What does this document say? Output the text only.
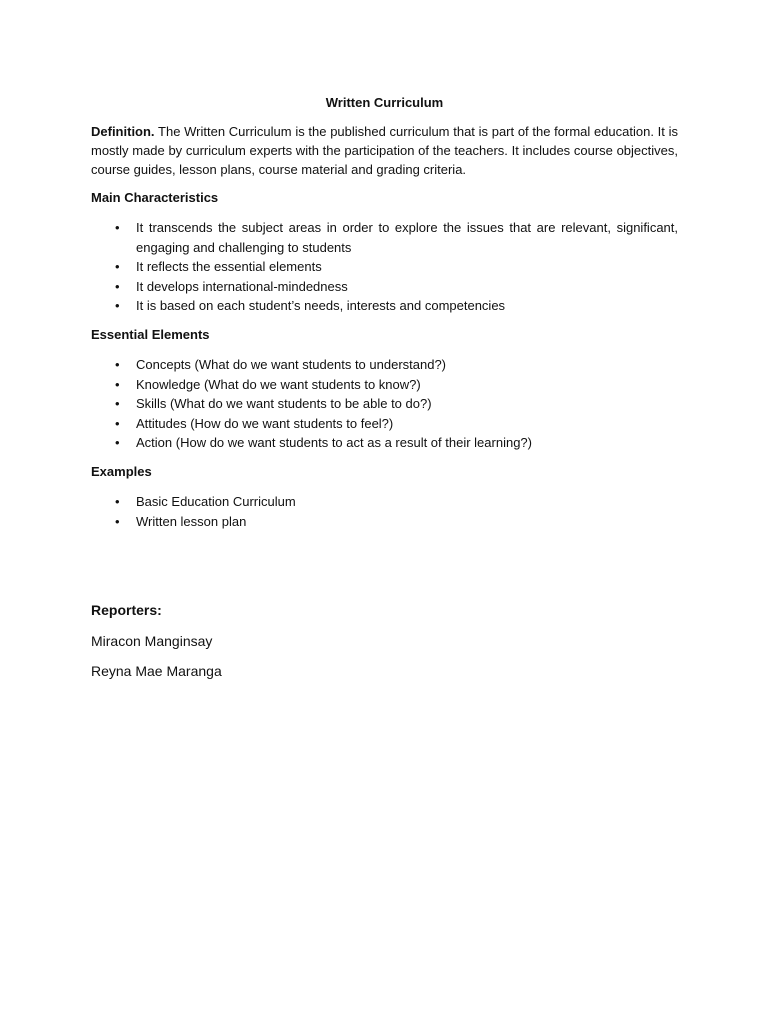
Written Curriculum
Definition. The Written Curriculum is the published curriculum that is part of the formal education. It is mostly made by curriculum experts with the participation of the teachers. It includes course objectives, course guides, lesson plans, course material and grading criteria.
Main Characteristics
• It transcends the subject areas in order to explore the issues that are relevant, significant, engaging and challenging to students
• It reflects the essential elements
• It develops international-mindedness
• It is based on each student’s needs, interests and competencies
Essential Elements
• Concepts (What do we want students to understand?)
• Knowledge (What do we want students to know?)
• Skills (What do we want students to be able to do?)
• Attitudes (How do we want students to feel?)
• Action (How do we want students to act as a result of their learning?)
Examples
• Basic Education Curriculum
• Written lesson plan
Reporters:
Miracon Manginsay
Reyna Mae Maranga
